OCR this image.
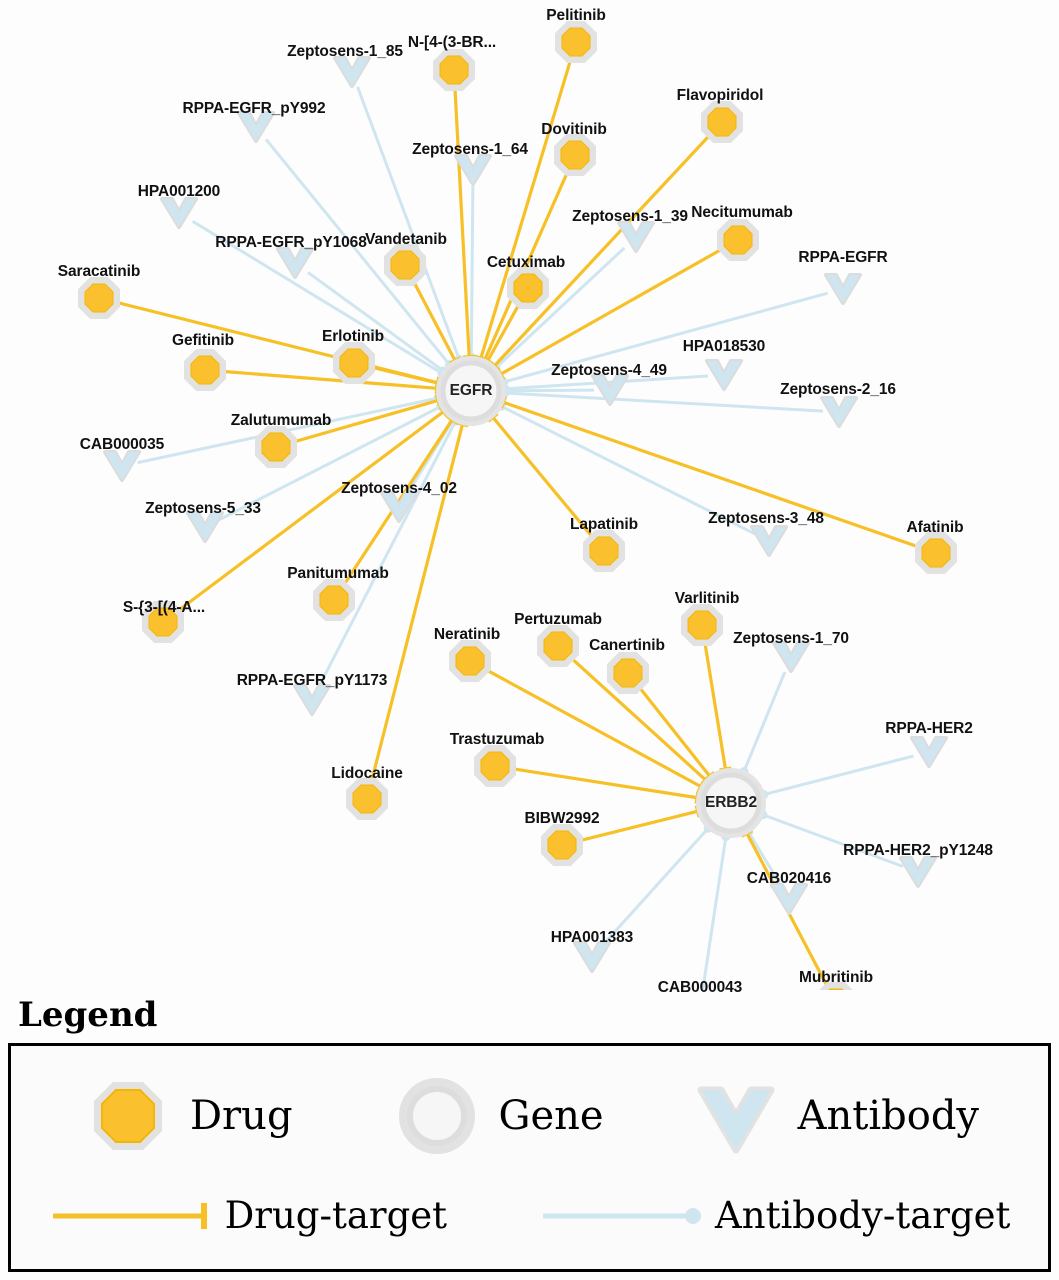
Zeptosens-1_85
RPPA-EGFR_pY992
Zeptosens-1_64
HPA001200
Zeptosens-1_39
RPPA-EGFR_pY1068
RPPA-EGFR
HPA018530
Zeptosens-4_49
Zeptosens-2_16
CAB000035
Zeptosens-4_02
Zeptosens-5_33
Zeptosens-3_48
Zeptosens-1_70
RPPA-EGFR_pY1173
RPPA-HER2
RPPA-HER2_pY1248
CAB020416
HPA001383
CAB000043
Pelitinib
N-[4-(3-BR...
Flavopiridol
Dovitinib
Necitumumab
Vandetanib
Cetuximab
Saracatinib
Erlotinib
Gefitinib
Zalutumumab
Lapatinib	Afatinib
Panitumumab
S-{3-[(4-A...
Varlitinib
Pertuzumab
Neratinib
Canertinib
Trastuzumab
Lidocaine
BIBW2992
Mubritinib
EGFR
ERBB2
Legend
Drug	Gene	Antibody
Drug-target	Antibody-target
